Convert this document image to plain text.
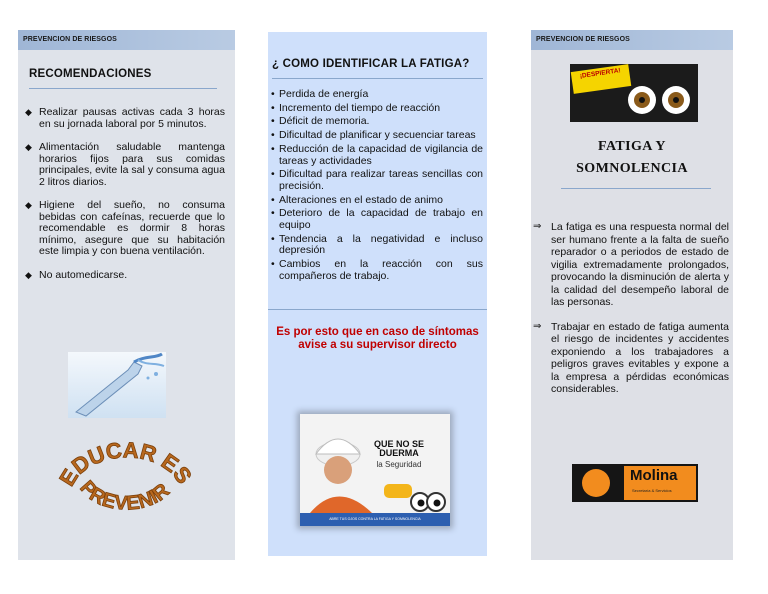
PREVENCION DE RIESGOS
RECOMENDACIONES
◆ Realizar pausas activas cada 3 horas en su jornada laboral por 5 minutos.
◆ Alimentación saludable mantenga horarios fijos para sus comidas principales, evite la sal y consuma agua 2 litros diarios.
◆ Higiene del sueño, no consuma bebidas con cafeínas, recuerde que lo recomendable es dormir 8 horas mínimo, asegure que su habitación este limpia y con buena ventilación.
◆ No automedicarse.
EDUCAR ES
PREVENIR
¿ COMO IDENTIFICAR LA FATIGA?
• Perdida de energía
• Incremento del tiempo de reacción
• Déficit de memoria.
• Dificultad de planificar y secuenciar tareas
• Reducción de la capacidad de vigilancia de tareas y actividades
• Dificultad para realizar tareas sencillas con precisión.
• Alteraciones en el estado de animo
• Deterioro de la capacidad de trabajo en equipo
• Tendencia a la negatividad e incluso depresión
• Cambios en la reacción con sus compañeros de trabajo.
Es por esto que en caso de síntomas avise a su supervisor directo
QUE NO SE DUERMA
la Seguridad
ABRE TUS OJOS CONTRA LA FATIGA Y SOMNOLENCIA
PREVENCION DE RIESGOS
¡DESPIERTA!
FATIGA Y
SOMNOLENCIA
⇒ La fatiga es una respuesta normal del ser humano frente a la falta de sueño reparador o a periodos de estado de vigilia extremadamente prolongados, provocando la disminución de alerta y la calidad del desempeño laboral de las personas.
⇒ Trabajar en estado de fatiga aumenta el riesgo de incidentes y accidentes exponiendo a los trabajadores a peligros graves evitables y expone a la empresa a pérdidas económicas considerables.
Molina
Secretaría & Servicios
